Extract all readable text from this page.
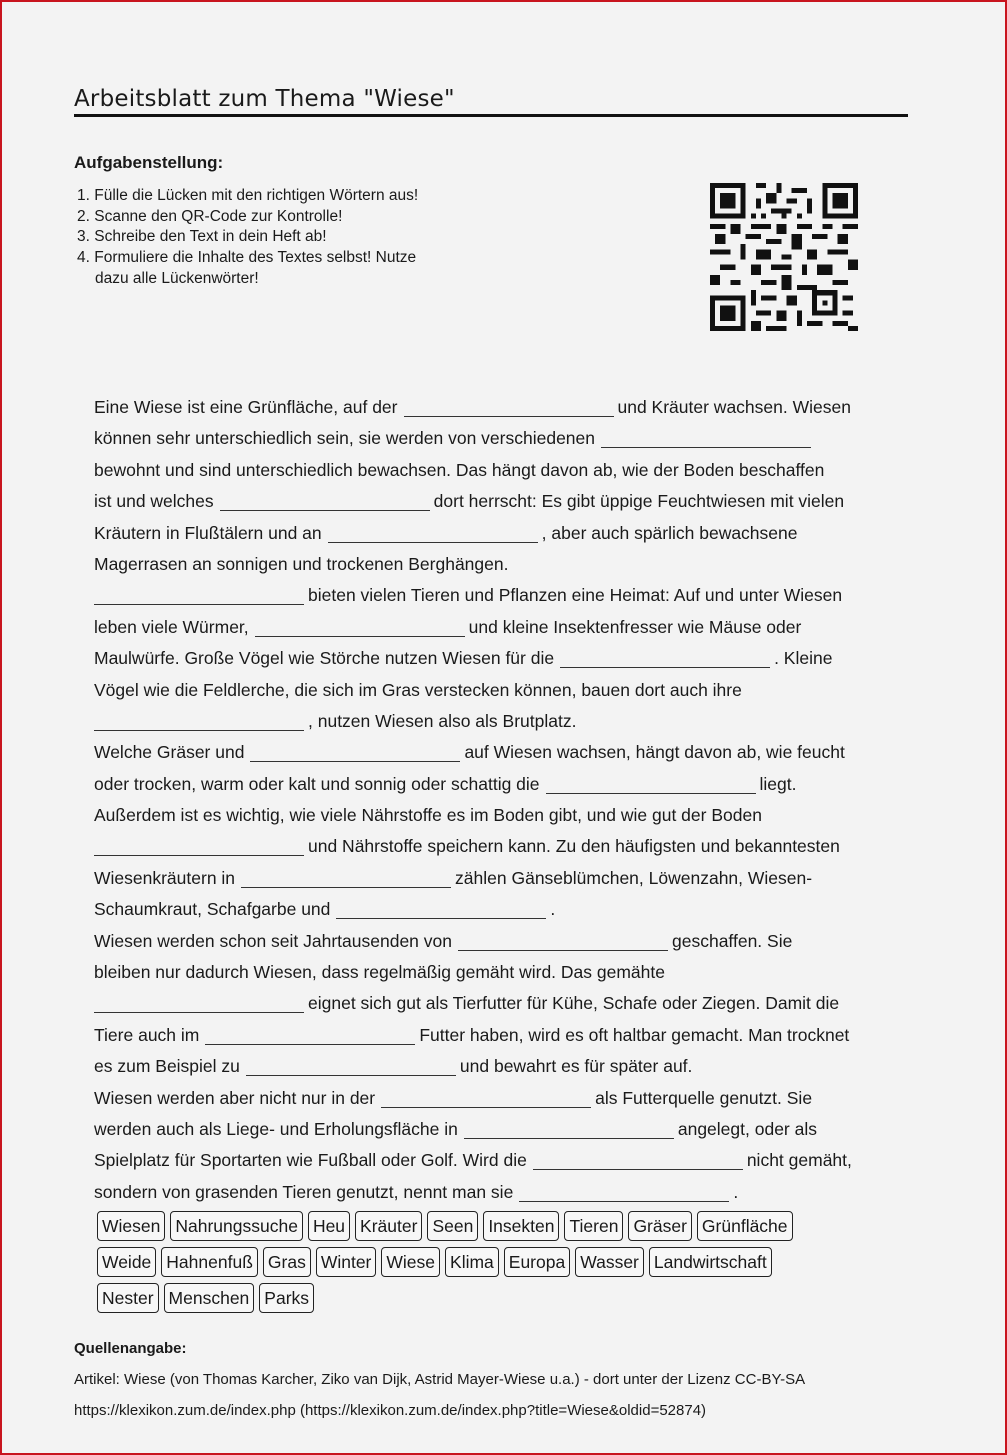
Arbeitsblatt zum Thema "Wiese"
Aufgabenstellung:
1. Fülle die Lücken mit den richtigen Wörtern aus!
2. Scanne den QR-Code zur Kontrolle!
3. Schreibe den Text in dein Heft ab!
4. Formuliere die Inhalte des Textes selbst! Nutze dazu alle Lückenwörter!
Eine Wiese ist eine Grünfläche, auf der	und Kräuter wachsen. Wiesen
können sehr unterschiedlich sein, sie werden von verschiedenen
bewohnt und sind unterschiedlich bewachsen. Das hängt davon ab, wie der Boden beschaffen
ist und welches	dort herrscht: Es gibt üppige Feuchtwiesen mit vielen
Kräutern in Flußtälern und an	, aber auch spärlich bewachsene
Magerrasen an sonnigen und trockenen Berghängen.
bieten vielen Tieren und Pflanzen eine Heimat: Auf und unter Wiesen
leben viele Würmer,	und kleine Insektenfresser wie Mäuse oder
Maulwürfe. Große Vögel wie Störche nutzen Wiesen für die	. Kleine
Vögel wie die Feldlerche, die sich im Gras verstecken können, bauen dort auch ihre
, nutzen Wiesen also als Brutplatz.
Welche Gräser und	auf Wiesen wachsen, hängt davon ab, wie feucht
oder trocken, warm oder kalt und sonnig oder schattig die	liegt.
Außerdem ist es wichtig, wie viele Nährstoffe es im Boden gibt, und wie gut der Boden
und Nährstoffe speichern kann. Zu den häufigsten und bekanntesten
Wiesenkräutern in	zählen Gänseblümchen, Löwenzahn, Wiesen-
Schaumkraut, Schafgarbe und	.
Wiesen werden schon seit Jahrtausenden von	geschaffen. Sie
bleiben nur dadurch Wiesen, dass regelmäßig gemäht wird. Das gemähte
eignet sich gut als Tierfutter für Kühe, Schafe oder Ziegen. Damit die
Tiere auch im	Futter haben, wird es oft haltbar gemacht. Man trocknet
es zum Beispiel zu	und bewahrt es für später auf.
Wiesen werden aber nicht nur in der	als Futterquelle genutzt. Sie
werden auch als Liege- und Erholungsfläche in	angelegt, oder als
Spielplatz für Sportarten wie Fußball oder Golf. Wird die	nicht gemäht,
sondern von grasenden Tieren genutzt, nennt man sie	.
Wiesen Nahrungssuche Heu Kräuter Seen Insekten Tieren Gräser Grünfläche
Weide Hahnenfuß Gras Winter Wiese Klima Europa Wasser Landwirtschaft
Nester Menschen Parks
Quellenangabe:
Artikel: Wiese (von Thomas Karcher, Ziko van Dijk, Astrid Mayer-Wiese u.a.) - dort unter der Lizenz CC-BY-SA
https://klexikon.zum.de/index.php (https://klexikon.zum.de/index.php?title=Wiese&oldid=52874)
